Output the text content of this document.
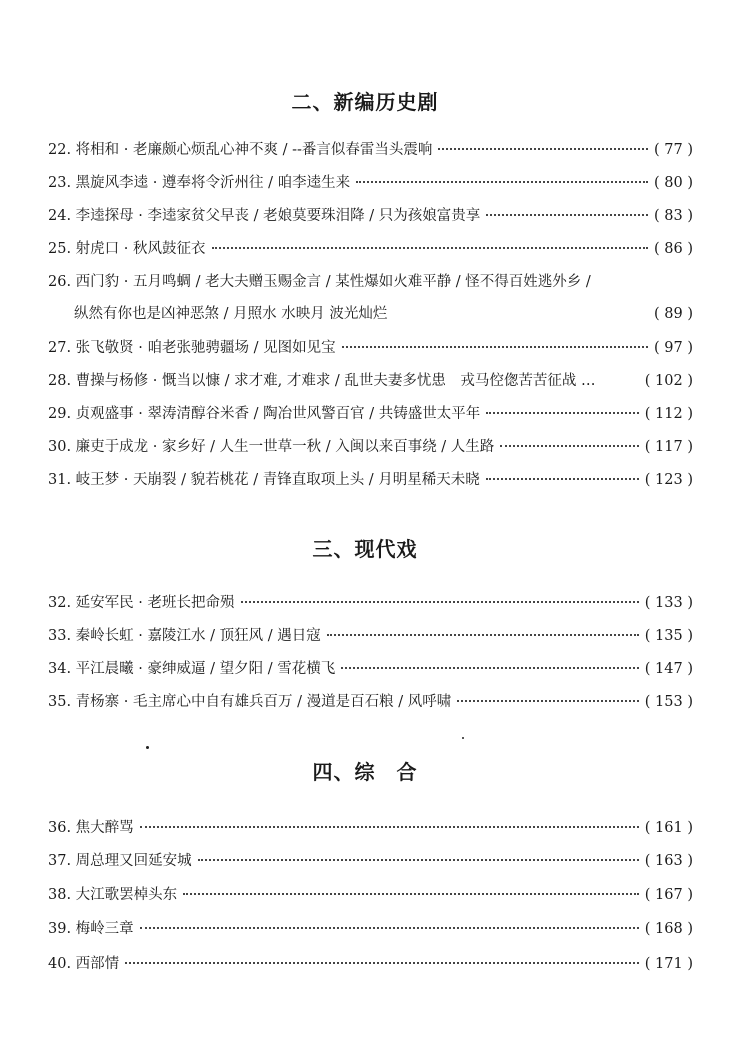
二、新编历史剧
22. 将相和 · 老廉颇心烦乱心神不爽 / --番言似春雷当头震响	( 77 )
23. 黑旋风李逵 · 遵奉将令沂州往 / 咱李逵生来	( 80 )
24. 李逵探母 · 李逵家贫父早丧 / 老娘莫要珠泪降 / 只为孩娘富贵享	( 83 )
25. 射虎口 · 秋风鼓征衣	( 86 )
26. 西门豹 · 五月鸣蜩 / 老大夫赠玉赐金言 / 某性爆如火难平静 / 怪不得百姓逃外乡 /
纵然有你也是凶神恶煞 / 月照水 水映月 波光灿烂	( 89 )
27. 张飞敬贤 · 咱老张驰骋疆场 / 见图如见宝	( 97 )
28. 曹操与杨修 · 慨当以慷 / 求才难, 才难求 / 乱世夫妻多忧患　戎马倥偬苦苦征战 …	( 102 )
29. 贞观盛事 · 翠涛清醇谷米香 / 陶冶世风警百官 / 共铸盛世太平年	( 112 )
30. 廉吏于成龙 · 家乡好 / 人生一世草一秋 / 入闽以来百事绕 / 人生路	( 117 )
31. 岐王梦 · 天崩裂 / 貌若桃花 / 青锋直取项上头 / 月明星稀天未晓	( 123 )
三、现代戏
32. 延安军民 · 老班长把命殒	( 133 )
33. 秦岭长虹 · 嘉陵江水 / 顶狂风 / 遇日寇	( 135 )
34. 平江晨曦 · 豪绅威逼 / 望夕阳 / 雪花横飞	( 147 )
35. 青杨寨 · 毛主席心中自有雄兵百万 / 漫道是百石粮 / 风呼啸	( 153 )
四、综　合
36. 焦大醉骂	( 161 )
37. 周总理又回延安城	( 163 )
38. 大江歌罢棹头东	( 167 )
39. 梅岭三章	( 168 )
40. 西部情	( 171 )
